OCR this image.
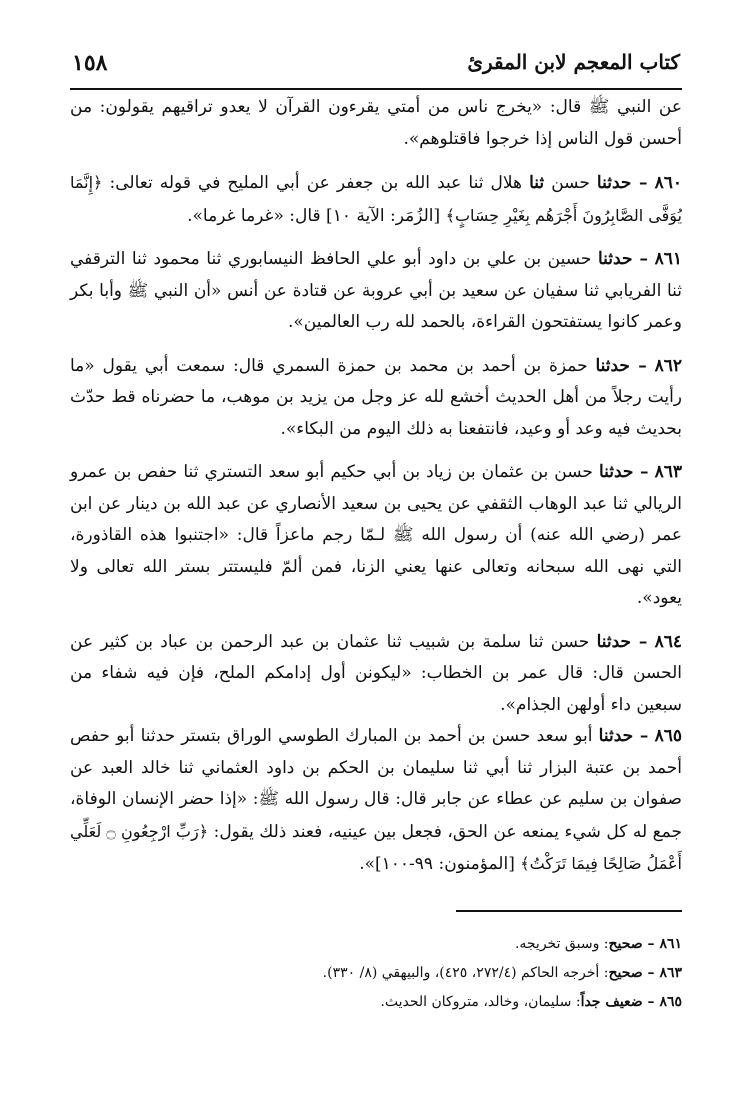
١٥٨	كتاب المعجم لابن المقرئ

عن النبي ﷺ قال: «يخرج ناس من أمتي يقرءون القرآن لا يعدو تراقيهم يقولون: من أحسن قول الناس إذا خرجوا فاقتلوهم».

٨٦٠ – حدثنا حسن ثنا هلال ثنا عبد الله بن جعفر عن أبي المليح في قوله تعالى: ﴿إِنَّمَا يُوَفَّى الصَّابِرُونَ أَجْرَهُم بِغَيْرِ حِسَابٍ﴾ [الزُمَر: الآية ١٠] قال: «غرما غرما».

٨٦١ – حدثنا حسين بن علي بن داود أبو علي الحافظ النيسابوري ثنا محمود ثنا الترقفي ثنا الفريابي ثنا سفيان عن سعيد بن أبي عروبة عن قتادة عن أنس «أن النبي ﷺ وأبا بكر وعمر كانوا يستفتحون القراءة، بالحمد لله رب العالمين».

٨٦٢ – حدثنا حمزة بن أحمد بن محمد بن حمزة السمري قال: سمعت أبي يقول «ما رأيت رجلاً من أهل الحديث أخشع لله عز وجل من يزيد بن موهب، ما حضرناه قط حدّث بحديث فيه وعد أو وعيد، فانتفعنا به ذلك اليوم من البكاء».

٨٦٣ – حدثنا حسن بن عثمان بن زياد بن أبي حكيم أبو سعد التستري ثنا حفص بن عمرو الريالي ثنا عبد الوهاب الثقفي عن يحيى بن سعيد الأنصاري عن عبد الله بن دينار عن ابن عمر (رضي الله عنه) أن رسول الله ﷺ لـمّا رجم ماعزاً قال: «اجتنبوا هذه القاذورة، التي نهى الله سبحانه وتعالى عنها يعني الزنا، فمن ألمّ فليستتر بستر الله تعالى ولا يعود».

٨٦٤ – حدثنا حسن ثنا سلمة بن شبيب ثنا عثمان بن عبد الرحمن بن عباد بن كثير عن الحسن قال: قال عمر بن الخطاب: «ليكونن أول إدامكم الملح، فإن فيه شفاء من سبعين داء أولهن الجذام».

٨٦٥ – حدثنا أبو سعد حسن بن أحمد بن المبارك الطوسي الوراق بتستر حدثنا أبو حفص أحمد بن عتبة البزار ثنا أبي ثنا سليمان بن الحكم بن داود العثماني ثنا خالد العبد عن صفوان بن سليم عن عطاء عن جابر قال: قال رسول الله ﷺ: «إذا حضر الإنسان الوفاة، جمع له كل شيء يمنعه عن الحق، فجعل بين عينيه، فعند ذلك يقول: ﴿رَبِّ ارْجِعُونِ ۝ لَعَلِّي أَعْمَلُ صَالِحًا فِيمَا تَرَكْتُ﴾ [المؤمنون: ٩٩-١٠٠]».

٨٦١ – صحيح: وسبق تخريجه.

٨٦٣ – صحيح: أخرجه الحاكم (٢٧٢/٤، ٤٢٥)، والبيهقي (٨/ ٣٣٠).

٨٦٥ – ضعيف جداً: سليمان، وخالد، متروكان الحديث.
